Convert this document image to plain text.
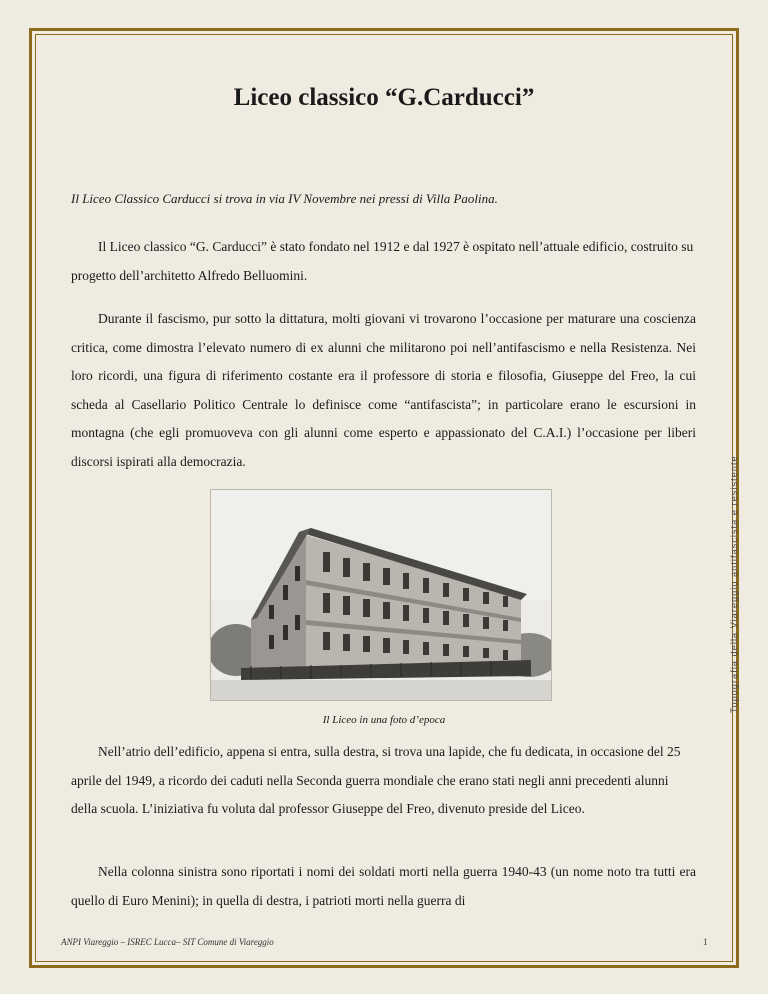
Liceo classico “G.Carducci”

Il Liceo Classico Carducci si trova in via IV Novembre nei pressi di Villa Paolina.

Il Liceo classico “G. Carducci” è stato fondato nel 1912 e dal 1927 è ospitato nell’attuale edificio, costruito su progetto dell’architetto Alfredo Belluomini.

Durante il fascismo, pur sotto la dittatura, molti giovani vi trovarono l’occasione per maturare una coscienza critica, come dimostra l’elevato numero di ex alunni che militarono poi nell’antifascismo e nella Resistenza. Nei loro ricordi, una figura di riferimento costante era il professore di storia e filosofia, Giuseppe del Freo, la cui scheda al Casellario Politico Centrale lo definisce come “antifascista”; in particolare erano le escursioni in montagna (che egli promuoveva con gli alunni come esperto e appassionato del C.A.I.) l’occasione per liberi discorsi ispirati alla democrazia.

Il Liceo in una foto d’epoca

Nell’atrio dell’edificio, appena si entra, sulla destra, si trova una lapide, che fu dedicata, in occasione del 25 aprile del 1949, a ricordo dei caduti nella Seconda guerra mondiale che erano stati negli anni precedenti alunni della scuola. L’iniziativa fu voluta dal professor Giuseppe del Freo, divenuto preside del Liceo.

Nella colonna sinistra sono riportati i nomi dei soldati morti nella guerra 1940-43 (un nome noto tra tutti era quello di Euro Menini); in quella di destra, i patrioti morti nella guerra di

Topografia della Viareggio antifascista e resistente

ANPI Viareggio – ISREC Lucca– SIT Comune di Viareggio	1
